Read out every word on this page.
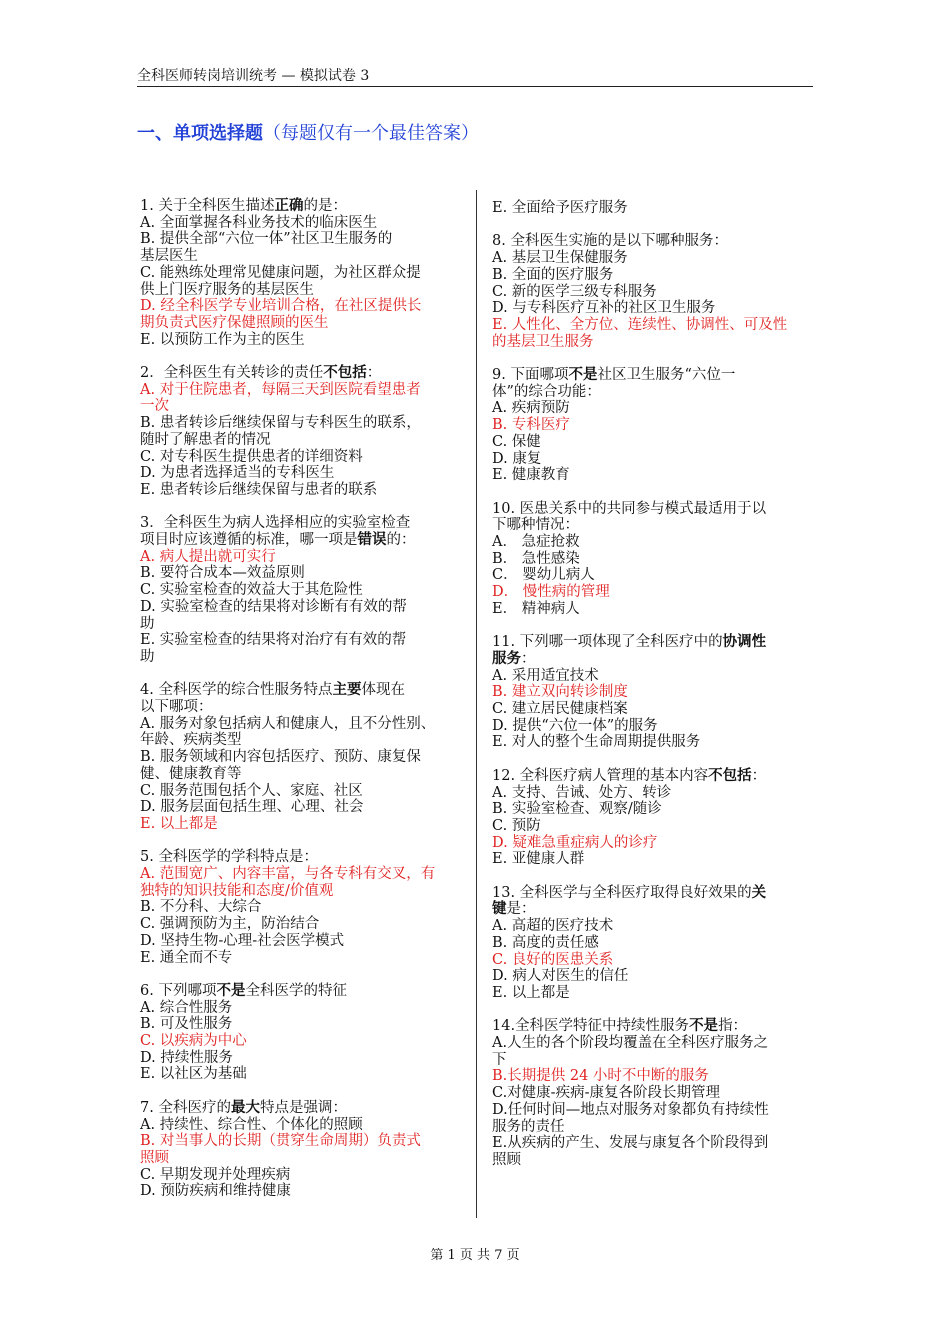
全科医师转岗培训统考 — 模拟试卷 3
一、单项选择题（每题仅有一个最佳答案）
1. 关于全科医生描述正确的是：
A. 全面掌握各科业务技术的临床医生
B. 提供全部“六位一体”社区卫生服务的
基层医生
C. 能熟练处理常见健康问题，为社区群众提
供上门医疗服务的基层医生
D. 经全科医学专业培训合格，在社区提供长
期负责式医疗保健照顾的医生
E. 以预防工作为主的医生
2．全科医生有关转诊的责任不包括：
A. 对于住院患者，每隔三天到医院看望患者
一次
B. 患者转诊后继续保留与专科医生的联系，
随时了解患者的情况
C. 对专科医生提供患者的详细资料
D. 为患者选择适当的专科医生
E. 患者转诊后继续保留与患者的联系
3．全科医生为病人选择相应的实验室检查
项目时应该遵循的标准，哪一项是错误的：
A. 病人提出就可实行
B. 要符合成本—效益原则
C. 实验室检查的效益大于其危险性
D. 实验室检查的结果将对诊断有有效的帮
助
E. 实验室检查的结果将对治疗有有效的帮
助
4. 全科医学的综合性服务特点主要体现在
以下哪项：
A. 服务对象包括病人和健康人，且不分性别、
年龄、疾病类型
B. 服务领域和内容包括医疗、预防、康复保
健、健康教育等
C. 服务范围包括个人、家庭、社区
D. 服务层面包括生理、心理、社会
E. 以上都是
5. 全科医学的学科特点是：
A. 范围宽广、内容丰富，与各专科有交叉，有
独特的知识技能和态度/价值观
B. 不分科、大综合
C. 强调预防为主，防治结合
D. 坚持生物-心理-社会医学模式
E. 通全而不专
6. 下列哪项不是全科医学的特征
A. 综合性服务
B. 可及性服务
C. 以疾病为中心
D. 持续性服务
E. 以社区为基础
7. 全科医疗的最大特点是强调：
A. 持续性、综合性、个体化的照顾
B. 对当事人的长期（贯穿生命周期）负责式
照顾
C. 早期发现并处理疾病
D. 预防疾病和维持健康
E. 全面给予医疗服务
8. 全科医生实施的是以下哪种服务：
A. 基层卫生保健服务
B. 全面的医疗服务
C. 新的医学三级专科服务
D. 与专科医疗互补的社区卫生服务
E. 人性化、全方位、连续性、协调性、可及性
的基层卫生服务
9. 下面哪项不是社区卫生服务“六位一
体”的综合功能：
A. 疾病预防
B. 专科医疗
C. 保健
D. 康复
E. 健康教育
10. 医患关系中的共同参与模式最适用于以
下哪种情况：
A． 急症抢救
B． 急性感染
C． 婴幼儿病人
D． 慢性病的管理
E． 精神病人
11. 下列哪一项体现了全科医疗中的协调性
服务：
A. 采用适宜技术
B. 建立双向转诊制度
C. 建立居民健康档案
D. 提供“六位一体”的服务
E. 对人的整个生命周期提供服务
12. 全科医疗病人管理的基本内容不包括：
A. 支持、告诫、处方、转诊
B. 实验室检查、观察/随诊
C. 预防
D. 疑难急重症病人的诊疗
E. 亚健康人群
13. 全科医学与全科医疗取得良好效果的关
键是：
A. 高超的医疗技术
B. 高度的责任感
C. 良好的医患关系
D. 病人对医生的信任
E. 以上都是
14.全科医学特征中持续性服务不是指：
A.人生的各个阶段均覆盖在全科医疗服务之
下
B.长期提供 24 小时不中断的服务
C.对健康-疾病-康复各阶段长期管理
D.任何时间—地点对服务对象都负有持续性
服务的责任
E.从疾病的产生、发展与康复各个阶段得到
照顾
第 1 页 共 7 页
